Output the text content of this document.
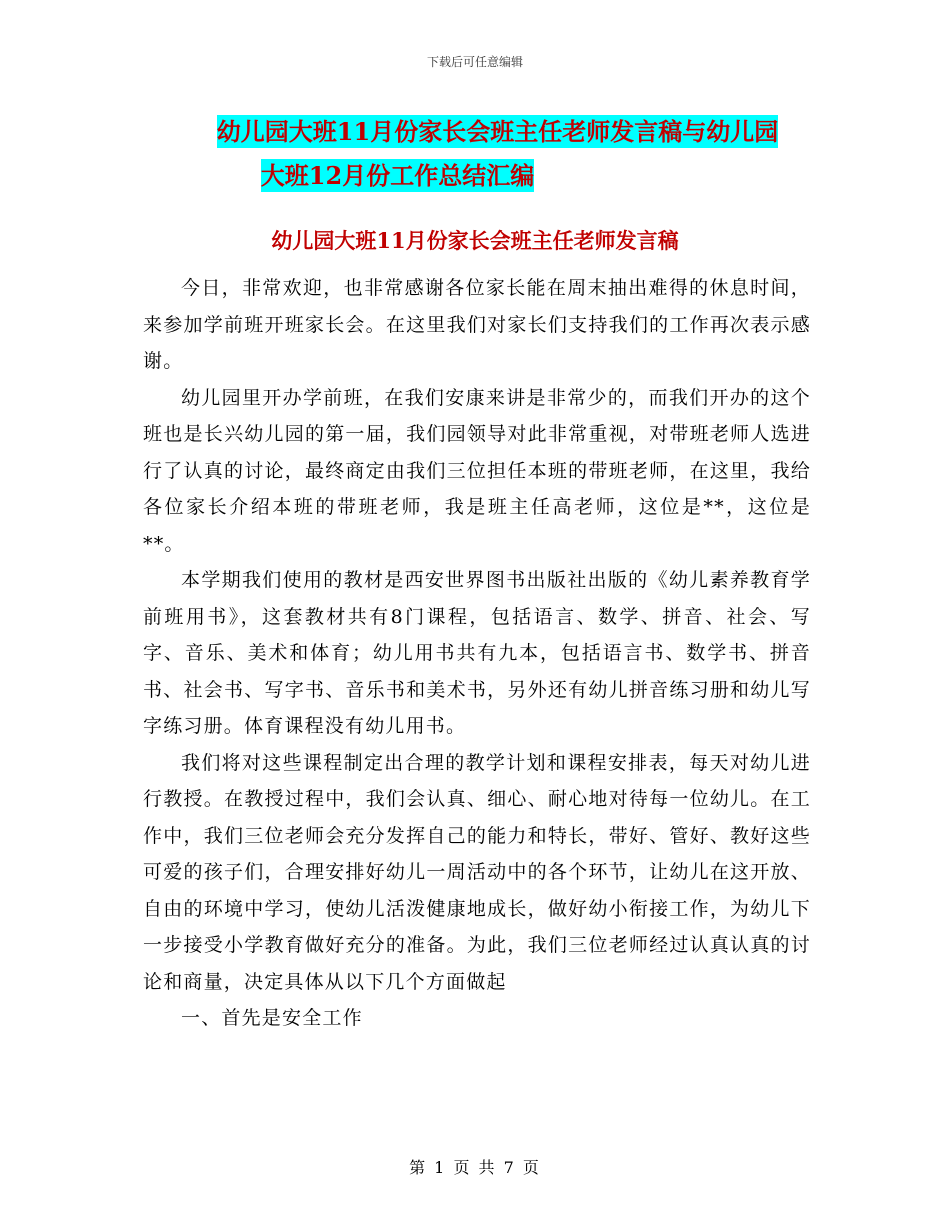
下载后可任意编辑
幼儿园大班11月份家长会班主任老师发言稿与幼儿园
大班12月份工作总结汇编
幼儿园大班11月份家长会班主任老师发言稿

今日，非常欢迎，也非常感谢各位家长能在周末抽出难得的休息时间，来参加学前班开班家长会。在这里我们对家长们支持我们的工作再次表示感谢。

幼儿园里开办学前班，在我们安康来讲是非常少的，而我们开办的这个班也是长兴幼儿园的第一届，我们园领导对此非常重视，对带班老师人选进行了认真的讨论，最终商定由我们三位担任本班的带班老师，在这里，我给各位家长介绍本班的带班老师，我是班主任高老师，这位是**，这位是**。

本学期我们使用的教材是西安世界图书出版社出版的《幼儿素养教育学前班用书》，这套教材共有8门课程，包括语言、数学、拼音、社会、写字、音乐、美术和体育；幼儿用书共有九本，包括语言书、数学书、拼音书、社会书、写字书、音乐书和美术书，另外还有幼儿拼音练习册和幼儿写字练习册。体育课程没有幼儿用书。

我们将对这些课程制定出合理的教学计划和课程安排表，每天对幼儿进行教授。在教授过程中，我们会认真、细心、耐心地对待每一位幼儿。在工作中，我们三位老师会充分发挥自己的能力和特长，带好、管好、教好这些可爱的孩子们，合理安排好幼儿一周活动中的各个环节，让幼儿在这开放、自由的环境中学习，使幼儿活泼健康地成长，做好幼小衔接工作，为幼儿下一步接受小学教育做好充分的准备。为此，我们三位老师经过认真认真的讨论和商量，决定具体从以下几个方面做起

一、首先是安全工作

第 1 页 共 7 页
